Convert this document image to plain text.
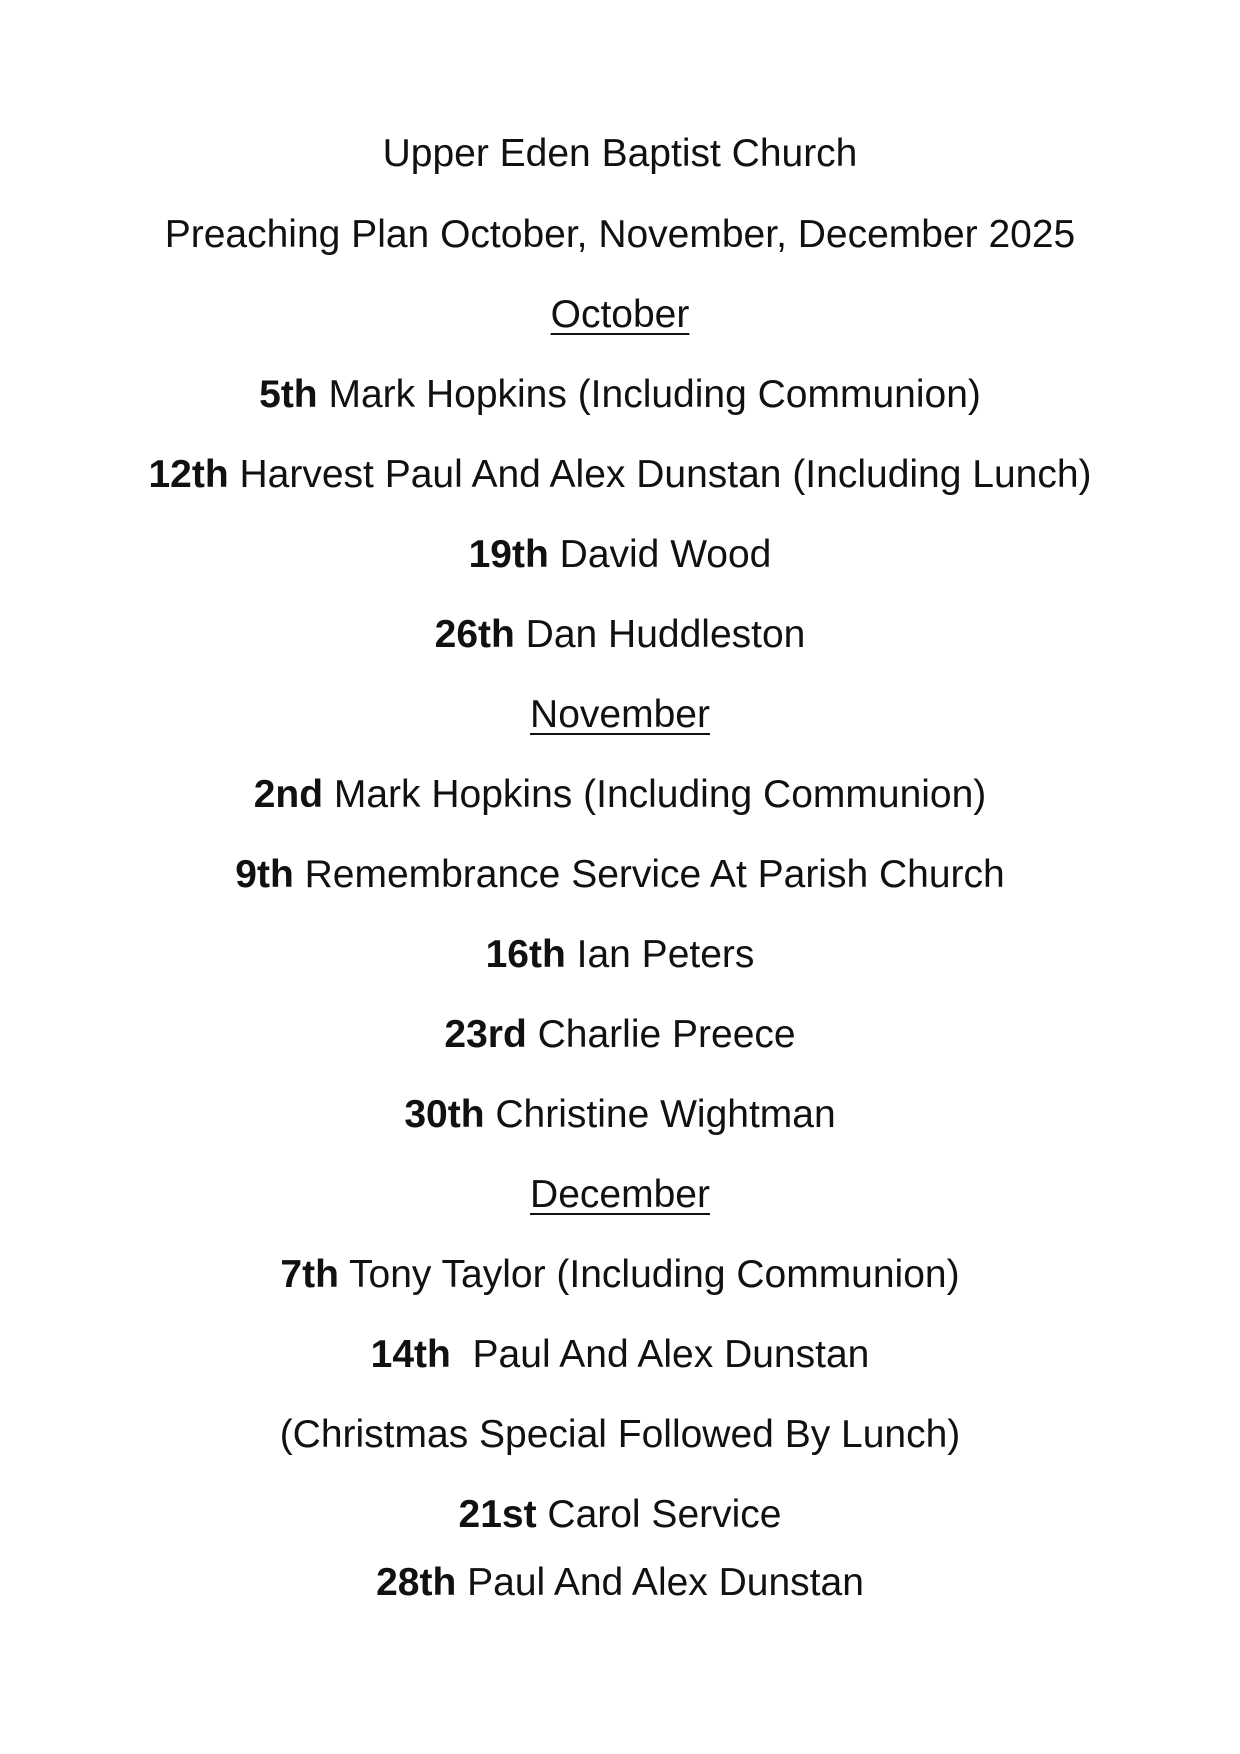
Upper Eden Baptist Church
Preaching Plan October, November, December 2025
October
5th Mark Hopkins (Including Communion)
12th Harvest Paul And Alex Dunstan (Including Lunch)
19th David Wood
26th Dan Huddleston
November
2nd Mark Hopkins (Including Communion)
9th Remembrance Service At Parish Church
16th Ian Peters
23rd Charlie Preece
30th Christine Wightman
December
7th Tony Taylor (Including Communion)
14th  Paul And Alex Dunstan
(Christmas Special Followed By Lunch)
21st Carol Service
28th Paul And Alex Dunstan
